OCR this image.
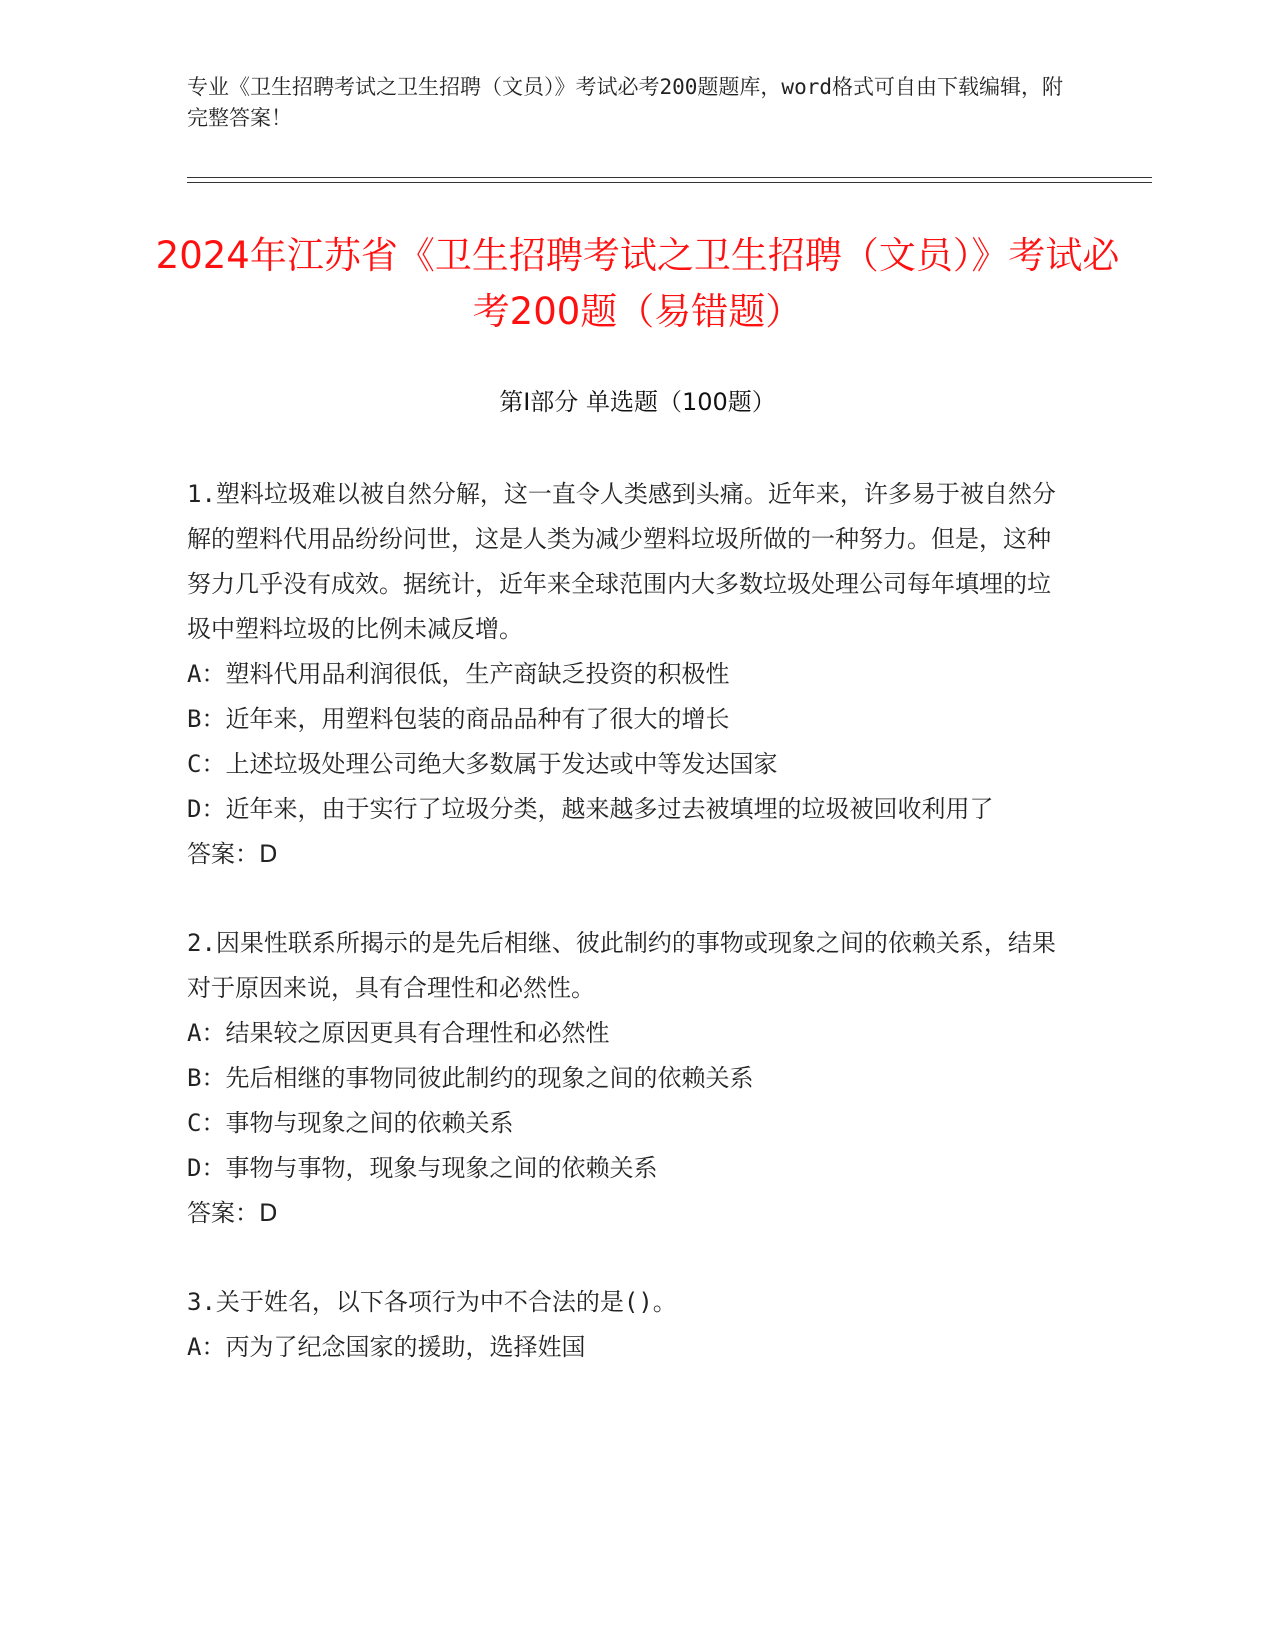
专业《卫生招聘考试之卫生招聘（文员）》考试必考200题题库，word格式可自由下载编辑，附完整答案！
2024年江苏省《卫生招聘考试之卫生招聘（文员）》考试必考200题（易错题）
第I部分 单选题（100题）

1.塑料垃圾难以被自然分解，这一直令人类感到头痛。近年来，许多易于被自然分解的塑料代用品纷纷问世，这是人类为减少塑料垃圾所做的一种努力。但是，这种努力几乎没有成效。据统计，近年来全球范围内大多数垃圾处理公司每年填埋的垃圾中塑料垃圾的比例未减反增。

A：塑料代用品利润很低，生产商缺乏投资的积极性

B：近年来，用塑料包装的商品品种有了很大的增长

C：上述垃圾处理公司绝大多数属于发达或中等发达国家

D：近年来，由于实行了垃圾分类，越来越多过去被填埋的垃圾被回收利用了

答案：D

2.因果性联系所揭示的是先后相继、彼此制约的事物或现象之间的依赖关系，结果对于原因来说，具有合理性和必然性。

A：结果较之原因更具有合理性和必然性

B：先后相继的事物同彼此制约的现象之间的依赖关系

C：事物与现象之间的依赖关系

D：事物与事物，现象与现象之间的依赖关系

答案：D

3.关于姓名，以下各项行为中不合法的是()。

A：丙为了纪念国家的援助，选择姓国
